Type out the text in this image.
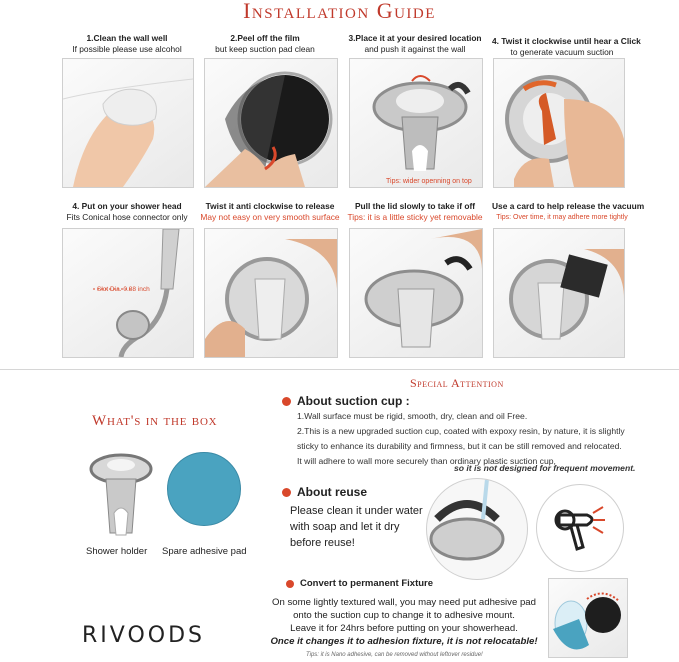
Installation Guide
1.Clean the wall well
If possible please use alcohol
2.Peel off the film
but keep suction pad clean
3.Place it at your desired location
and push it against the wall
4. Twist it clockwise until hear a Click
to generate vacuum suction
Tips: wider openning on top
4. Put on your shower head
Fits Conical hose connector only
Twist it anti clockwise to release
May not easy on very smooth surface
Pull the lid slowly to take if off
Tips: it is a little sticky yet removable
Use a card to help release the vacuum
Tips: Over time, it may adhere more tightly
Slot Dia. 0.88 inch
Special Attention
What's in the box
Shower holder Spare adhesive pad
About suction cup :
1.Wall surface must be rigid, smooth, dry, clean and oil Free.
2.This is a new upgraded suction cup, coated with expoxy resin, by nature, it is slightly
sticky to enhance its durability and firmness, but it can be still removed and relocated.
It will adhere to wall more securely than ordinary plastic suction cup,
so it is not designed for frequent movement.
About reuse
Please clean it under water
with soap and let it dry
before reuse!
Convert to permanent Fixture
On some lightly textured wall, you may need put adhesive pad
onto the suction cup to change it to adhesive mount.
Leave it for 24hrs before putting on your showerhead.
Once it changes it to adhesion fixture, it is not relocatable!
Tips: it is Nano adhesive, can be removed without leftover residue!
RIVOODS
